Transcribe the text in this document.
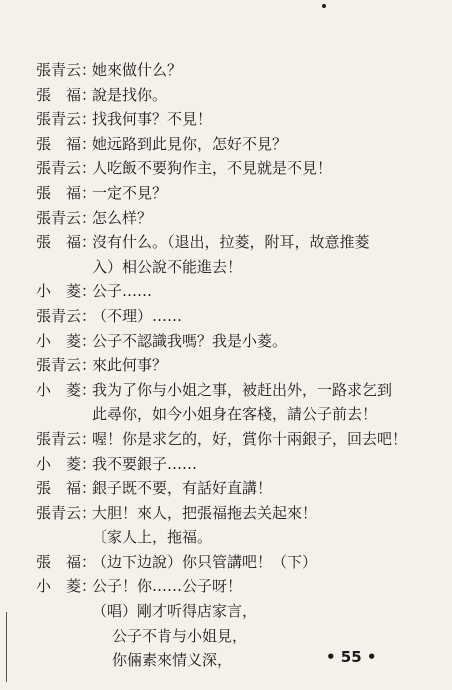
張青云：
她來做什么？
張　福：
說是找你。
張青云：
找我何事？不見！
張　福：
她远路到此見你，怎好不見？
張青云：
人吃飯不要狗作主，不見就是不見！
張　福：
一定不見？
張青云：
怎么样？
張　福：
沒有什么。（退出，拉菱，附耳，故意推菱
入）相公說不能進去！
小　菱：
公子……
張青云：
（不理）……
小　菱：
公子不認識我嗎？我是小菱。
張青云：
來此何事？
小　菱：
我为了你与小姐之事，被赶出外，一路求乞到
此尋你，如今小姐身在客棧，請公子前去！
張青云：
喔！你是求乞的，好，賞你十兩銀子，回去吧！
小　菱：
我不要銀子……
張　福：
銀子既不要，有話好直講！
張青云：
大胆！來人，把張福拖去关起來！
〔家人上，拖福。
張　福：
（边下边說）你只管講吧！（下）
小　菱：
公子！你……公子呀！
（唱）剛才听得店家言，
公子不肯与小姐見，
你倆素來情义深，	• 55 •
